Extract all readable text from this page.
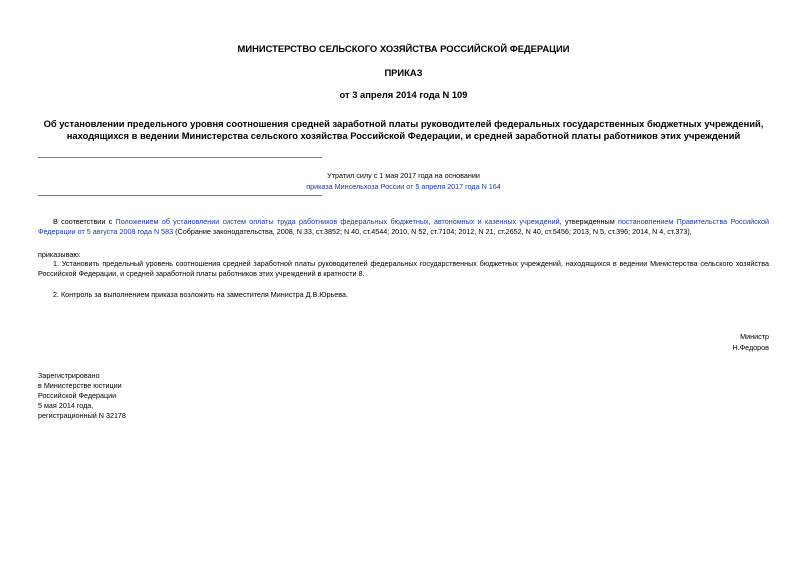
МИНИСТЕРСТВО СЕЛЬСКОГО ХОЗЯЙСТВА РОССИЙСКОЙ ФЕДЕРАЦИИ
ПРИКАЗ
от 3 апреля 2014 года N 109
Об установлении предельного уровня соотношения средней заработной платы руководителей федеральных государственных бюджетных учреждений,
находящихся в ведении Министерства сельского хозяйства Российской Федерации, и средней заработной платы работников этих учреждений
Утратил силу с 1 мая 2017 года на основании
приказа Минсельхоза России от 5 апреля 2017 года N 164
В соответствии с Положением об установлении систем оплаты труда работников федеральных бюджетных, автономных и казенных учреждений, утвержденным постановлением Правительства Российской Федерации от 5 августа 2008 года N 583 (Собрание законодательства, 2008, N 33, ст.3852; N 40, ст.4544; 2010, N 52, ст.7104; 2012, N 21, ст.2652, N 40, ст.5456; 2013, N 5, ст.396; 2014, N 4, ст.373),
приказываю:
1. Установить предельный уровень соотношения средней заработной платы руководителей федеральных государственных бюджетных учреждений, находящихся в ведении Министерства сельского хозяйства Российской Федерации, и средней заработной платы работников этих учреждений в кратности 8.
2. Контроль за выполнением приказа возложить на заместителя Министра Д.В.Юрьева.
Министр
Н.Федоров
Зарегистрировано
в Министерстве юстиции
Российской Федерации
5 мая 2014 года,
регистрационный N 32178
